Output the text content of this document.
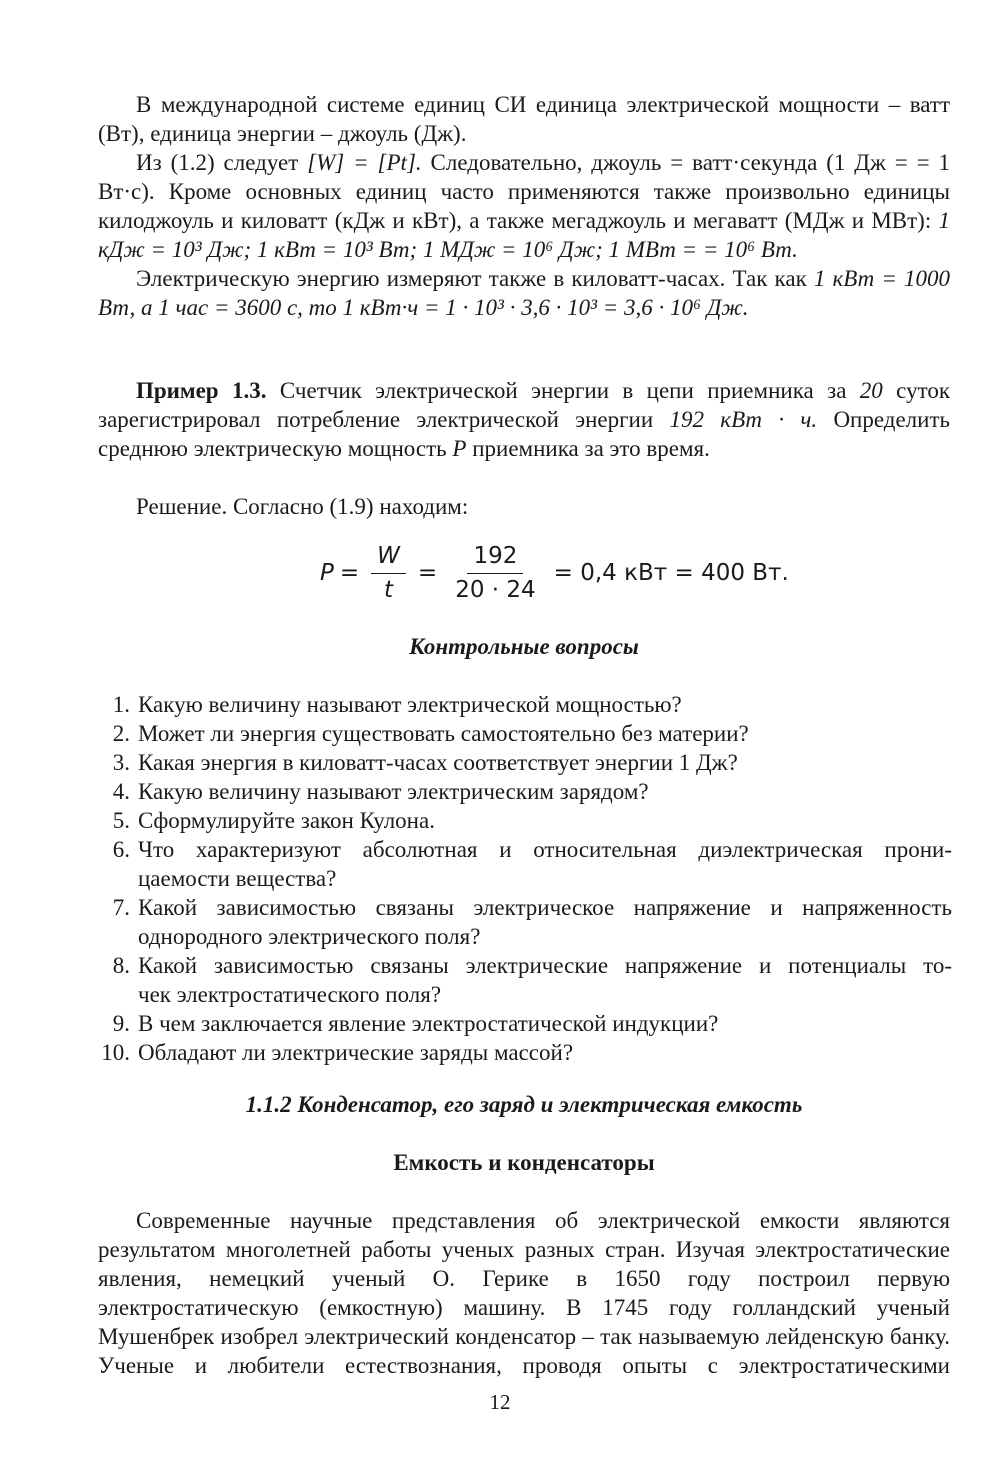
В международной системе единиц СИ единица электрической мощности – ватт (Вт), единица энергии – джоуль (Дж).

Из (1.2) следует [W] = [Pt]. Следовательно, джоуль = ватт·секунда (1 Дж = = 1 Вт·с). Кроме основных единиц часто применяются также произвольно единицы килоджоуль и киловатт (кДж и кВт), а также мегаджоуль и мегаватт (МДж и МВт): 1 кДж = 10³ Дж; 1 кВт = 10³ Вт; 1 МДж = 10⁶ Дж; 1 МВт = = 10⁶ Вт.

Электрическую энергию измеряют также в киловатт-часах. Так как 1 кВт = 1000 Вт, а 1 час = 3600 с, то 1 кВт·ч = 1 · 10³ · 3,6 · 10³ = 3,6 · 10⁶ Дж.

Пример 1.3. Счетчик электрической энергии в цепи приемника за 20 суток зарегистрировал потребление электрической энергии 192 кВт · ч. Определить среднюю электрическую мощность P приемника за это время.

Решение. Согласно (1.9) находим:

$P = \frac{W}{t} = \frac{192}{20 \cdot 24} = 0,4$ кВт = 400 Вт.
Контрольные вопросы
1. Какую величину называют электрической мощностью?
2. Может ли энергия существовать самостоятельно без материи?
3. Какая энергия в киловатт-часах соответствует энергии 1 Дж?
4. Какую величину называют электрическим зарядом?
5. Сформулируйте закон Кулона.
6. Что характеризуют абсолютная и относительная диэлектрическая прони-
цаемости вещества?
7. Какой зависимостью связаны электрическое напряжение и напряженность
однородного электрического поля?
8. Какой зависимостью связаны электрические напряжение и потенциалы то-
чек электростатического поля?
9. В чем заключается явление электростатической индукции?
10. Обладают ли электрические заряды массой?
1.1.2 Конденсатор, его заряд и электрическая емкость
Емкость и конденсаторы

Современные научные представления об электрической емкости являются результатом многолетней работы ученых разных стран. Изучая электростатические явления, немецкий ученый О. Герике в 1650 году построил первую электростатическую (емкостную) машину. В 1745 году голландский ученый Мушенбрек изобрел электрический конденсатор – так называемую лейденскую банку. Ученые и любители естествознания, проводя опыты с электростатическими

12
